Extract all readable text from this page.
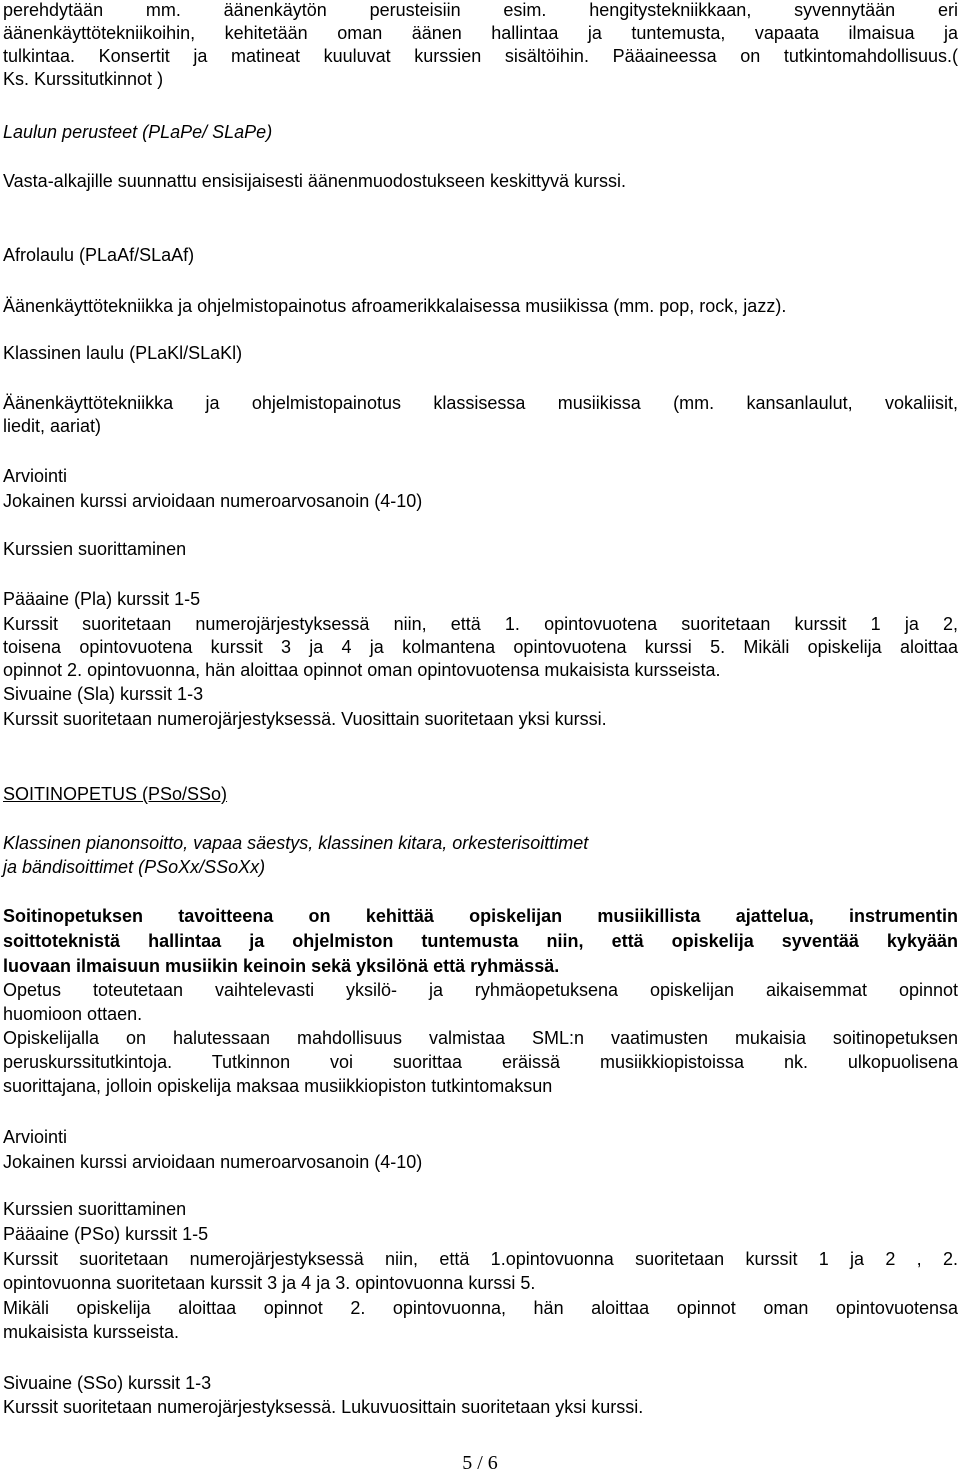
perehdytään mm. äänenkäytön perusteisiin esim. hengitystekniikkaan, syvennytään eri
äänenkäyttötekniikoihin, kehitetään oman äänen hallintaa ja tuntemusta, vapaata ilmaisua ja
tulkintaa. Konsertit ja matineat kuuluvat kurssien sisältöihin. Pääaineessa on tutkintomahdollisuus.(
Ks. Kurssitutkinnot )
Laulun perusteet (PLaPe/ SLaPe)
Vasta-alkajille suunnattu ensisijaisesti äänenmuodostukseen keskittyvä kurssi.
Afrolaulu (PLaAf/SLaAf)
Äänenkäyttötekniikka ja ohjelmistopainotus afroamerikkalaisessa musiikissa (mm. pop, rock, jazz).
Klassinen laulu (PLaKl/SLaKl)
Äänenkäyttötekniikka ja ohjelmistopainotus klassisessa musiikissa (mm. kansanlaulut, vokaliisit,
liedit, aariat)
Arviointi
Jokainen kurssi arvioidaan numeroarvosanoin (4-10)
Kurssien suorittaminen
Pääaine (Pla) kurssit 1-5
Kurssit suoritetaan numerojärjestyksessä niin, että 1. opintovuotena suoritetaan kurssit 1 ja 2,
toisena opintovuotena kurssit 3 ja 4 ja kolmantena opintovuotena kurssi 5. Mikäli opiskelija aloittaa
opinnot 2. opintovuonna, hän aloittaa opinnot oman opintovuotensa mukaisista kursseista.
Sivuaine (Sla) kurssit 1-3
Kurssit suoritetaan numerojärjestyksessä. Vuosittain suoritetaan yksi kurssi.
SOITINOPETUS (PSo/SSo)
Klassinen pianonsoitto, vapaa säestys, klassinen kitara, orkesterisoittimet
ja bändisoittimet (PSoXx/SSoXx)
Soitinopetuksen tavoitteena on kehittää opiskelijan musiikillista ajattelua, instrumentin
soittoteknistä hallintaa ja ohjelmiston tuntemusta niin, että opiskelija syventää kykyään
luovaan ilmaisuun musiikin keinoin sekä yksilönä että ryhmässä.
Opetus toteutetaan vaihtelevasti yksilö- ja ryhmäopetuksena opiskelijan aikaisemmat opinnot
huomioon ottaen.
Opiskelijalla on halutessaan mahdollisuus valmistaa SML:n vaatimusten mukaisia soitinopetuksen
peruskurssitutkintoja. Tutkinnon voi suorittaa eräissä musiikkiopistoissa nk. ulkopuolisena
suorittajana, jolloin opiskelija maksaa musiikkiopiston tutkintomaksun
Arviointi
Jokainen kurssi arvioidaan numeroarvosanoin (4-10)
Kurssien suorittaminen
Pääaine (PSo) kurssit 1-5
Kurssit suoritetaan numerojärjestyksessä niin, että 1.opintovuonna suoritetaan kurssit 1 ja 2 , 2.
opintovuonna suoritetaan kurssit 3 ja 4 ja 3. opintovuonna kurssi 5.
Mikäli opiskelija aloittaa opinnot 2. opintovuonna, hän aloittaa opinnot oman opintovuotensa
mukaisista kursseista.
Sivuaine (SSo) kurssit 1-3
Kurssit suoritetaan numerojärjestyksessä. Lukuvuosittain suoritetaan yksi kurssi.
5 / 6
